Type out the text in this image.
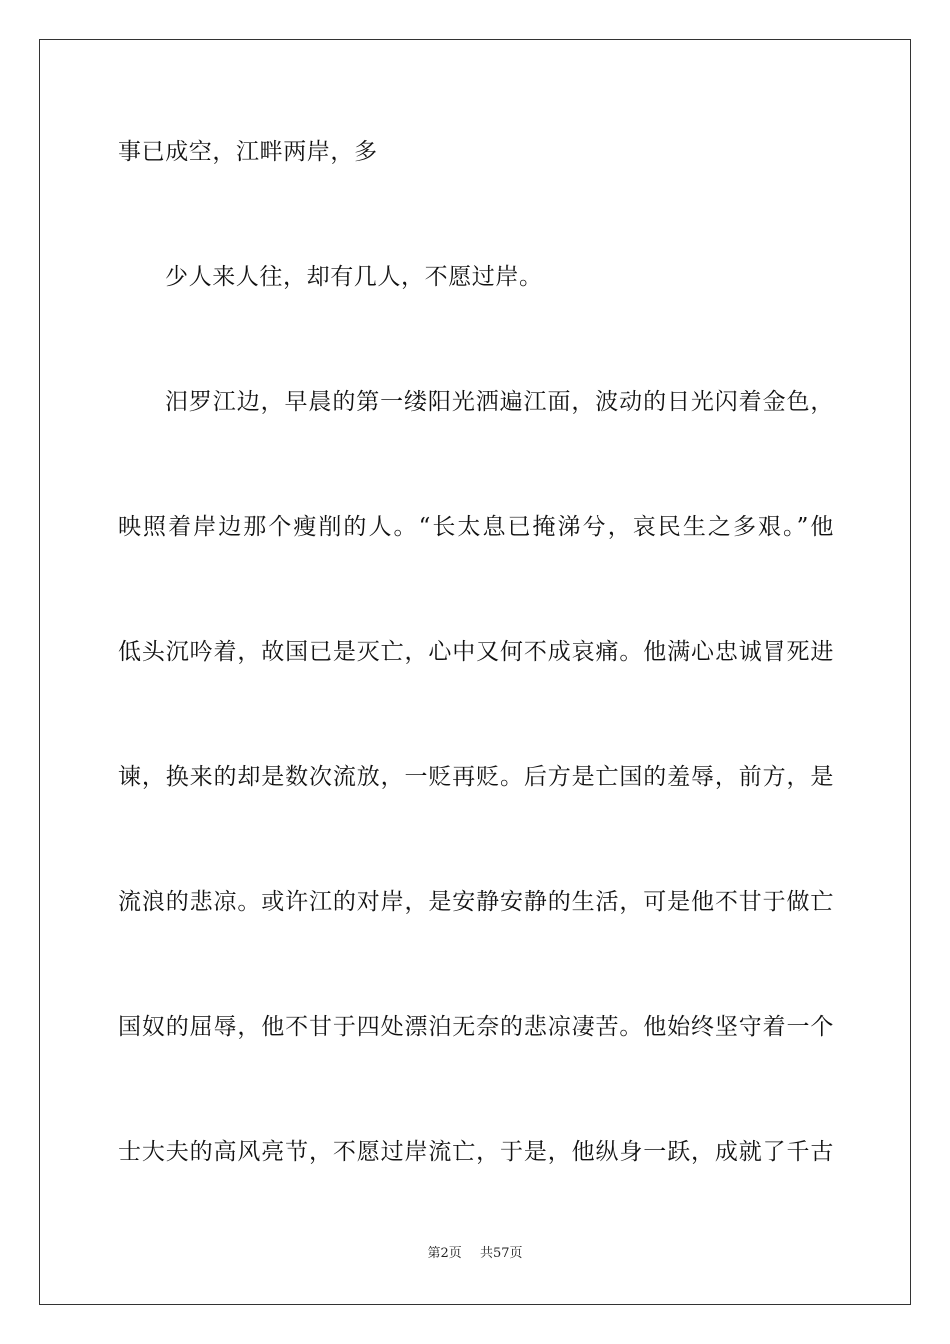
事已成空，江畔两岸，多
少人来人往，却有几人，不愿过岸。
汨罗江边，早晨的第一缕阳光洒遍江面，波动的日光闪着金色，
映照着岸边那个瘦削的人。“长太息已掩涕兮，哀民生之多艰。”他
低头沉吟着，故国已是灭亡，心中又何不成哀痛。他满心忠诚冒死进
谏，换来的却是数次流放，一贬再贬。后方是亡国的羞辱，前方，是
流浪的悲凉。或许江的对岸，是安静安静的生活，可是他不甘于做亡
国奴的屈辱，他不甘于四处漂泊无奈的悲凉凄苦。他始终坚守着一个
士大夫的高风亮节，不愿过岸流亡，于是，他纵身一跃，成就了千古
第2页 共57页
